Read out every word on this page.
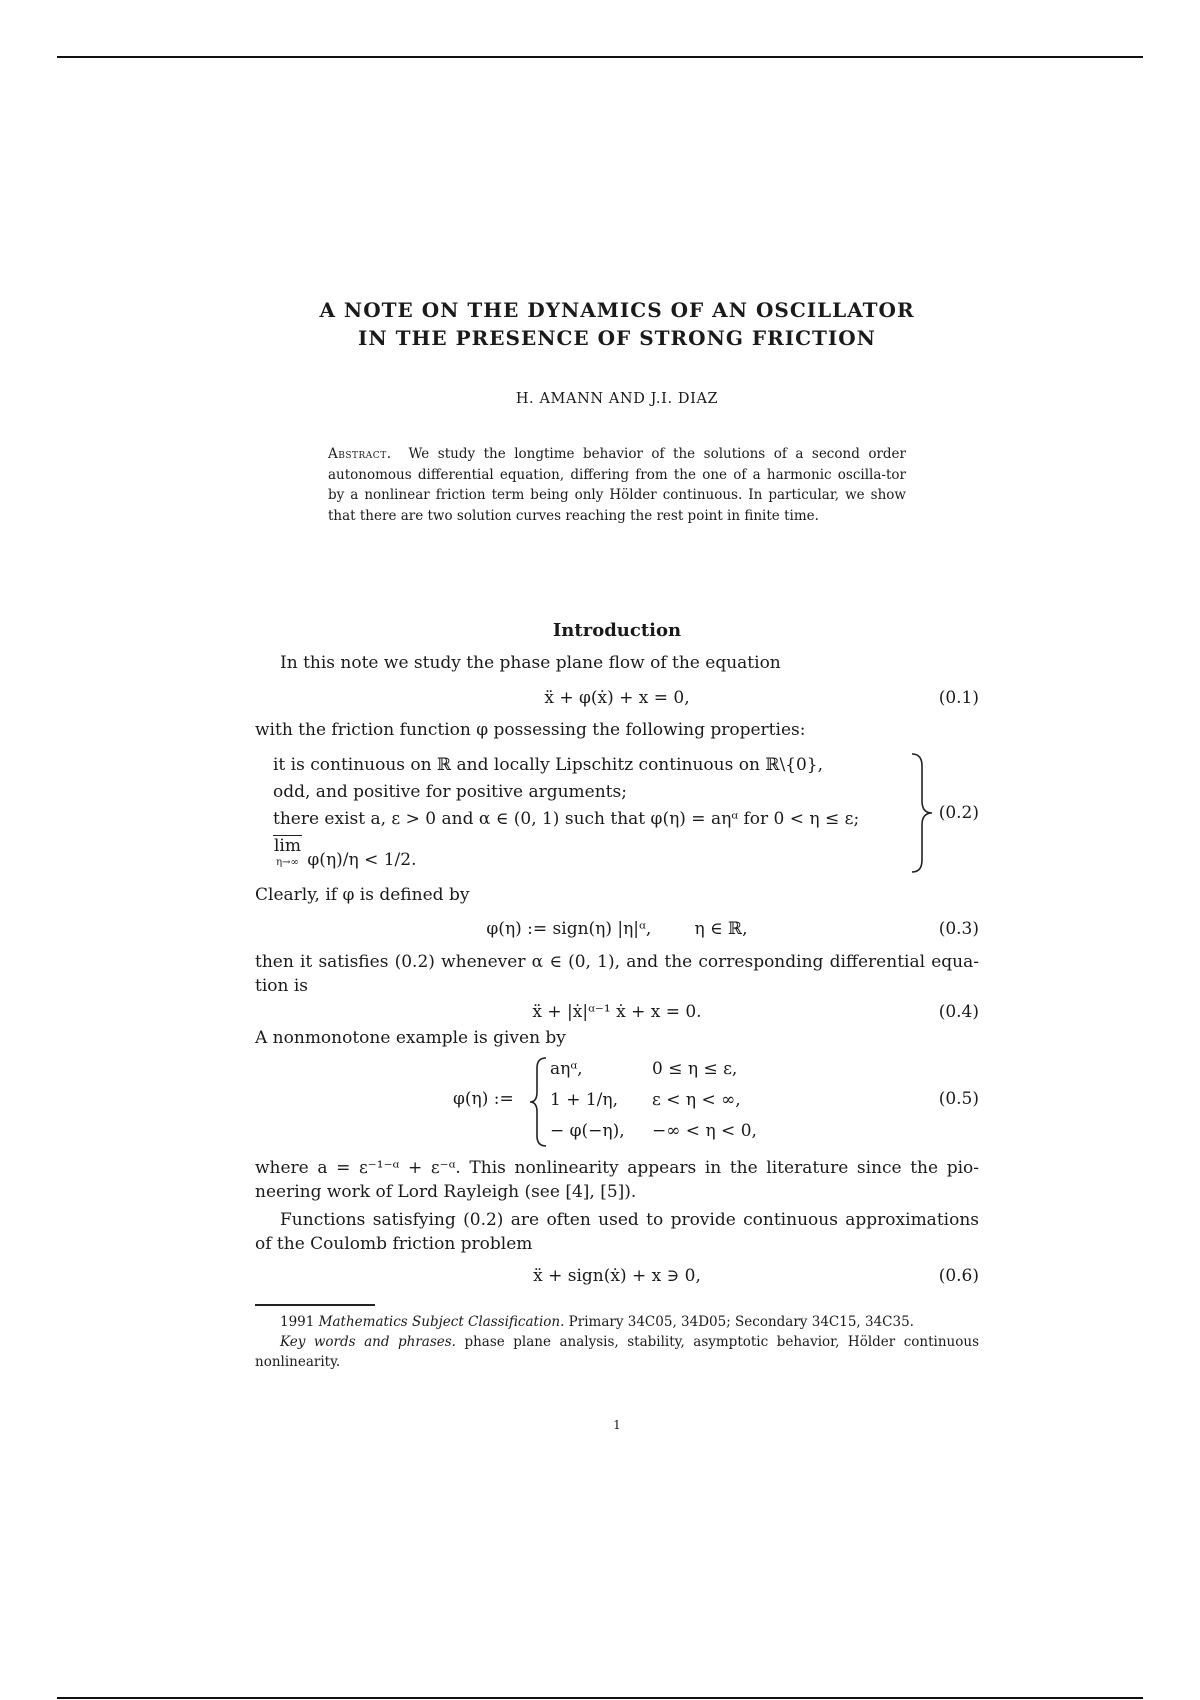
A NOTE ON THE DYNAMICS OF AN OSCILLATOR
IN THE PRESENCE OF STRONG FRICTION
H. AMANN AND J.I. DIAZ
Abstract. We study the longtime behavior of the solutions of a second order autonomous differential equation, differing from the one of a harmonic oscilla-tor by a nonlinear friction term being only Hölder continuous. In particular, we show that there are two solution curves reaching the rest point in finite time.
Introduction
In this note we study the phase plane flow of the equation
ẍ + φ(ẋ) + x = 0,	(0.1)
with the friction function φ possessing the following properties:
it is continuous on ℝ and locally Lipschitz continuous on ℝ\{0},
odd, and positive for positive arguments;
there exist a, ε > 0 and α ∈ (0, 1) such that φ(η) = aηᵅ for 0 < η ≤ ε;
lim
η→∞ φ(η)/η < 1/2.
(0.2)
Clearly, if φ is defined by
φ(η) := sign(η) |η|ᵅ,        η ∈ ℝ,	(0.3)
then it satisfies (0.2) whenever α ∈ (0, 1), and the corresponding differential equa-tion is
ẍ + |ẋ|ᵅ⁻¹ ẋ + x = 0.	(0.4)
A nonmonotone example is given by
φ(η) :=
aηᵅ,	0 ≤ η ≤ ε,
1 + 1/η, ε < η < ∞,
− φ(−η), −∞ < η < 0,
(0.5)
where a = ε⁻¹⁻ᵅ + ε⁻ᵅ. This nonlinearity appears in the literature since the pio-neering work of Lord Rayleigh (see [4], [5]).
Functions satisfying (0.2) are often used to provide continuous approximations of the Coulomb friction problem
ẍ + sign(ẋ) + x ∋ 0,	(0.6)
1991 Mathematics Subject Classification. Primary 34C05, 34D05; Secondary 34C15, 34C35.
Key words and phrases. phase plane analysis, stability, asymptotic behavior, Hölder continuous nonlinearity.
1
